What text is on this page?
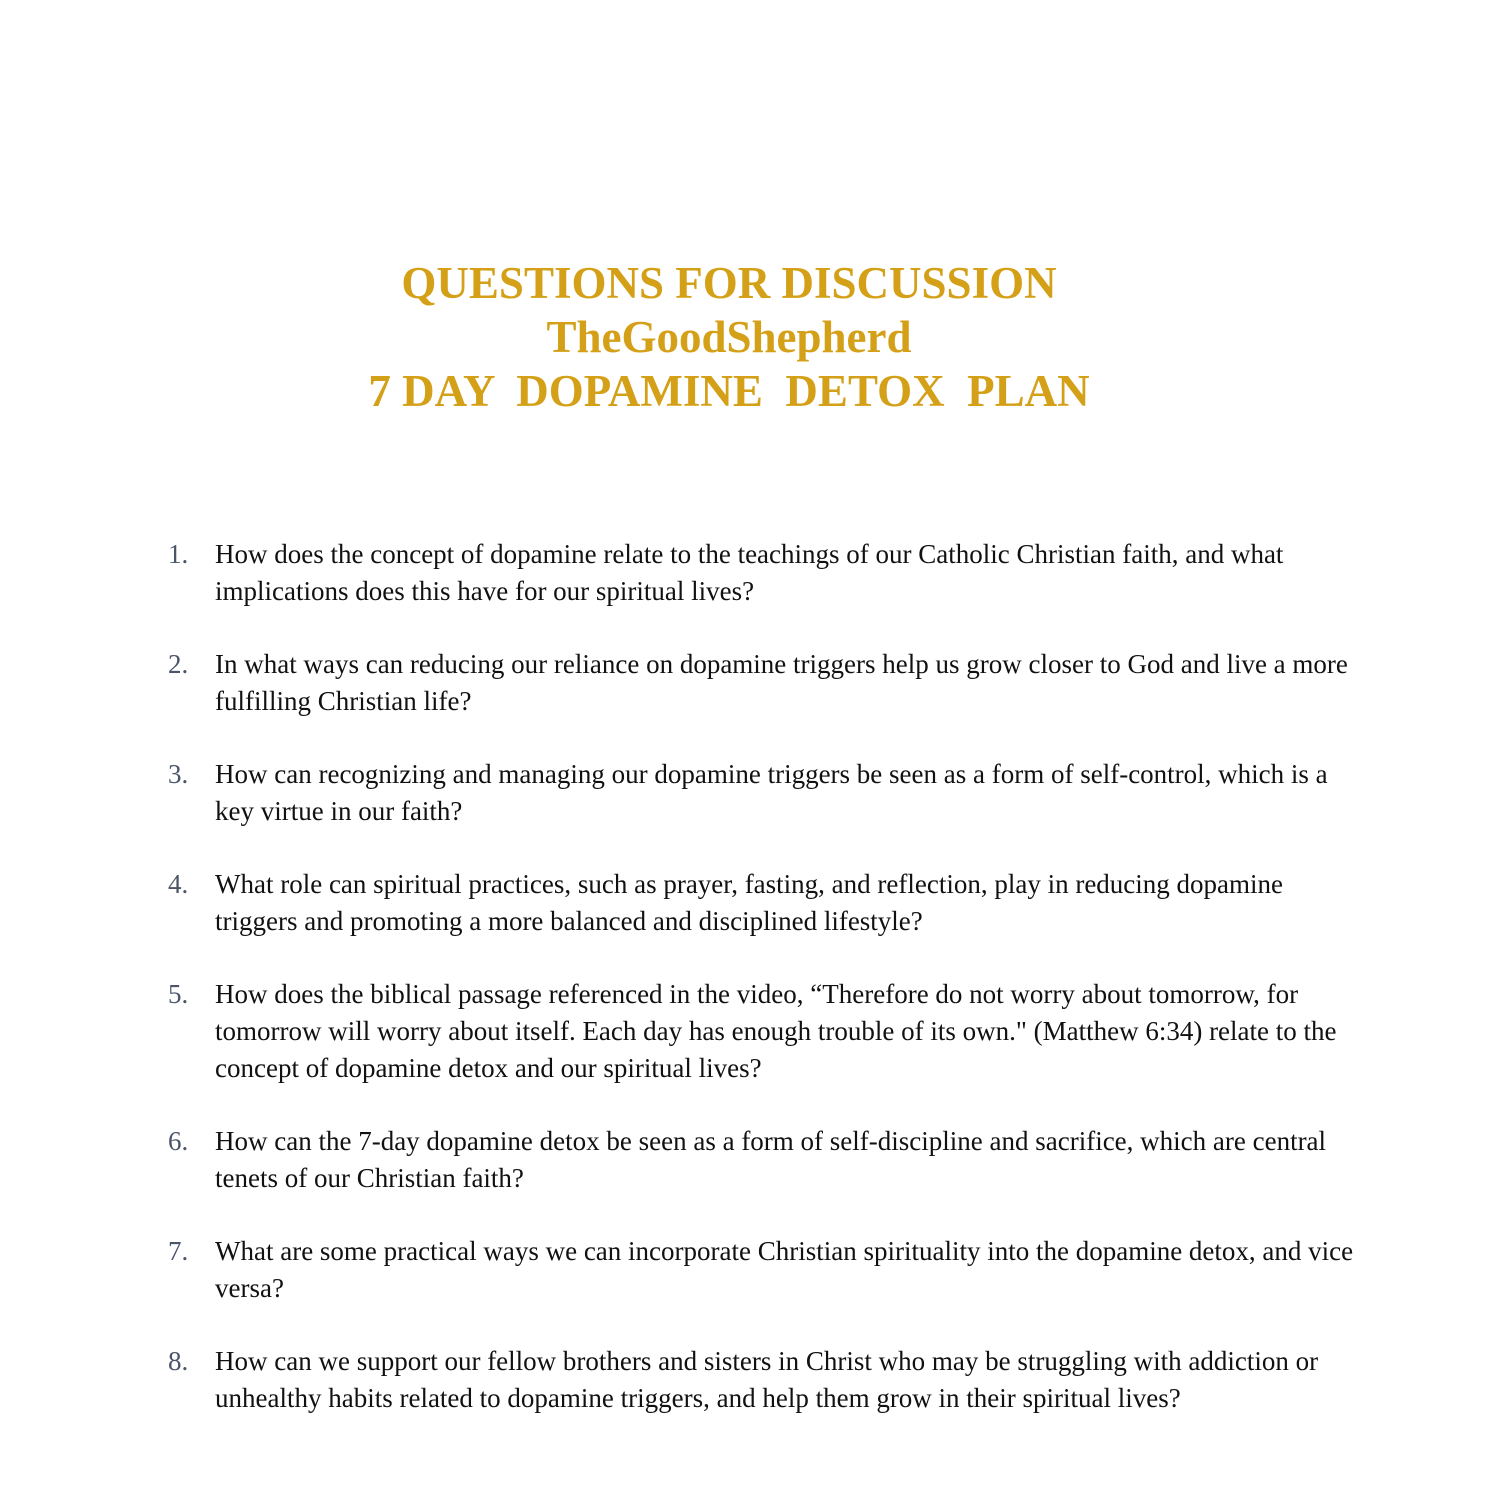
QUESTIONS FOR DISCUSSION
TheGoodShepherd
7 DAY  DOPAMINE  DETOX  PLAN
1. How does the concept of dopamine relate to the teachings of our Catholic Christian faith, and what implications does this have for our spiritual lives?
2. In what ways can reducing our reliance on dopamine triggers help us grow closer to God and live a more fulfilling Christian life?
3. How can recognizing and managing our dopamine triggers be seen as a form of self-control, which is a key virtue in our faith?
4. What role can spiritual practices, such as prayer, fasting, and reflection, play in reducing dopamine triggers and promoting a more balanced and disciplined lifestyle?
5. How does the biblical passage referenced in the video, “Therefore do not worry about tomorrow, for tomorrow will worry about itself. Each day has enough trouble of its own." (Matthew 6:34) relate to the concept of dopamine detox and our spiritual lives?
6. How can the 7-day dopamine detox be seen as a form of self-discipline and sacrifice, which are central tenets of our Christian faith?
7. What are some practical ways we can incorporate Christian spirituality into the dopamine detox, and vice versa?
8. How can we support our fellow brothers and sisters in Christ who may be struggling with addiction or unhealthy habits related to dopamine triggers, and help them grow in their spiritual lives?
